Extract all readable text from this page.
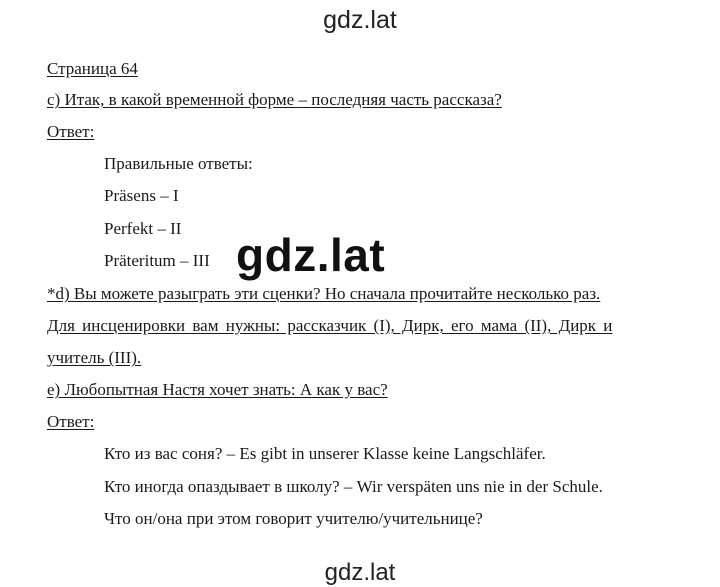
gdz.lat
Страница 64
с) Итак, в какой временной форме – последняя часть рассказа?
Ответ:
Правильные ответы:
Präsens – I
Perfekt – II
Präteritum – III gdz.lat
*d) Вы можете разыграть эти сценки? Но сначала прочитайте несколько раз.
Для инсценировки вам нужны: рассказчик (I), Дирк, его мама (II), Дирк и
учитель (III).
е) Любопытная Настя хочет знать: А как у вас?
Ответ:
Кто из вас соня? – Es gibt in unserer Klasse keine Langschläfer.
Кто иногда опаздывает в школу? – Wir verspäten uns nie in der Schule.
Что он/она при этом говорит учителю/учительнице?
gdz.lat
